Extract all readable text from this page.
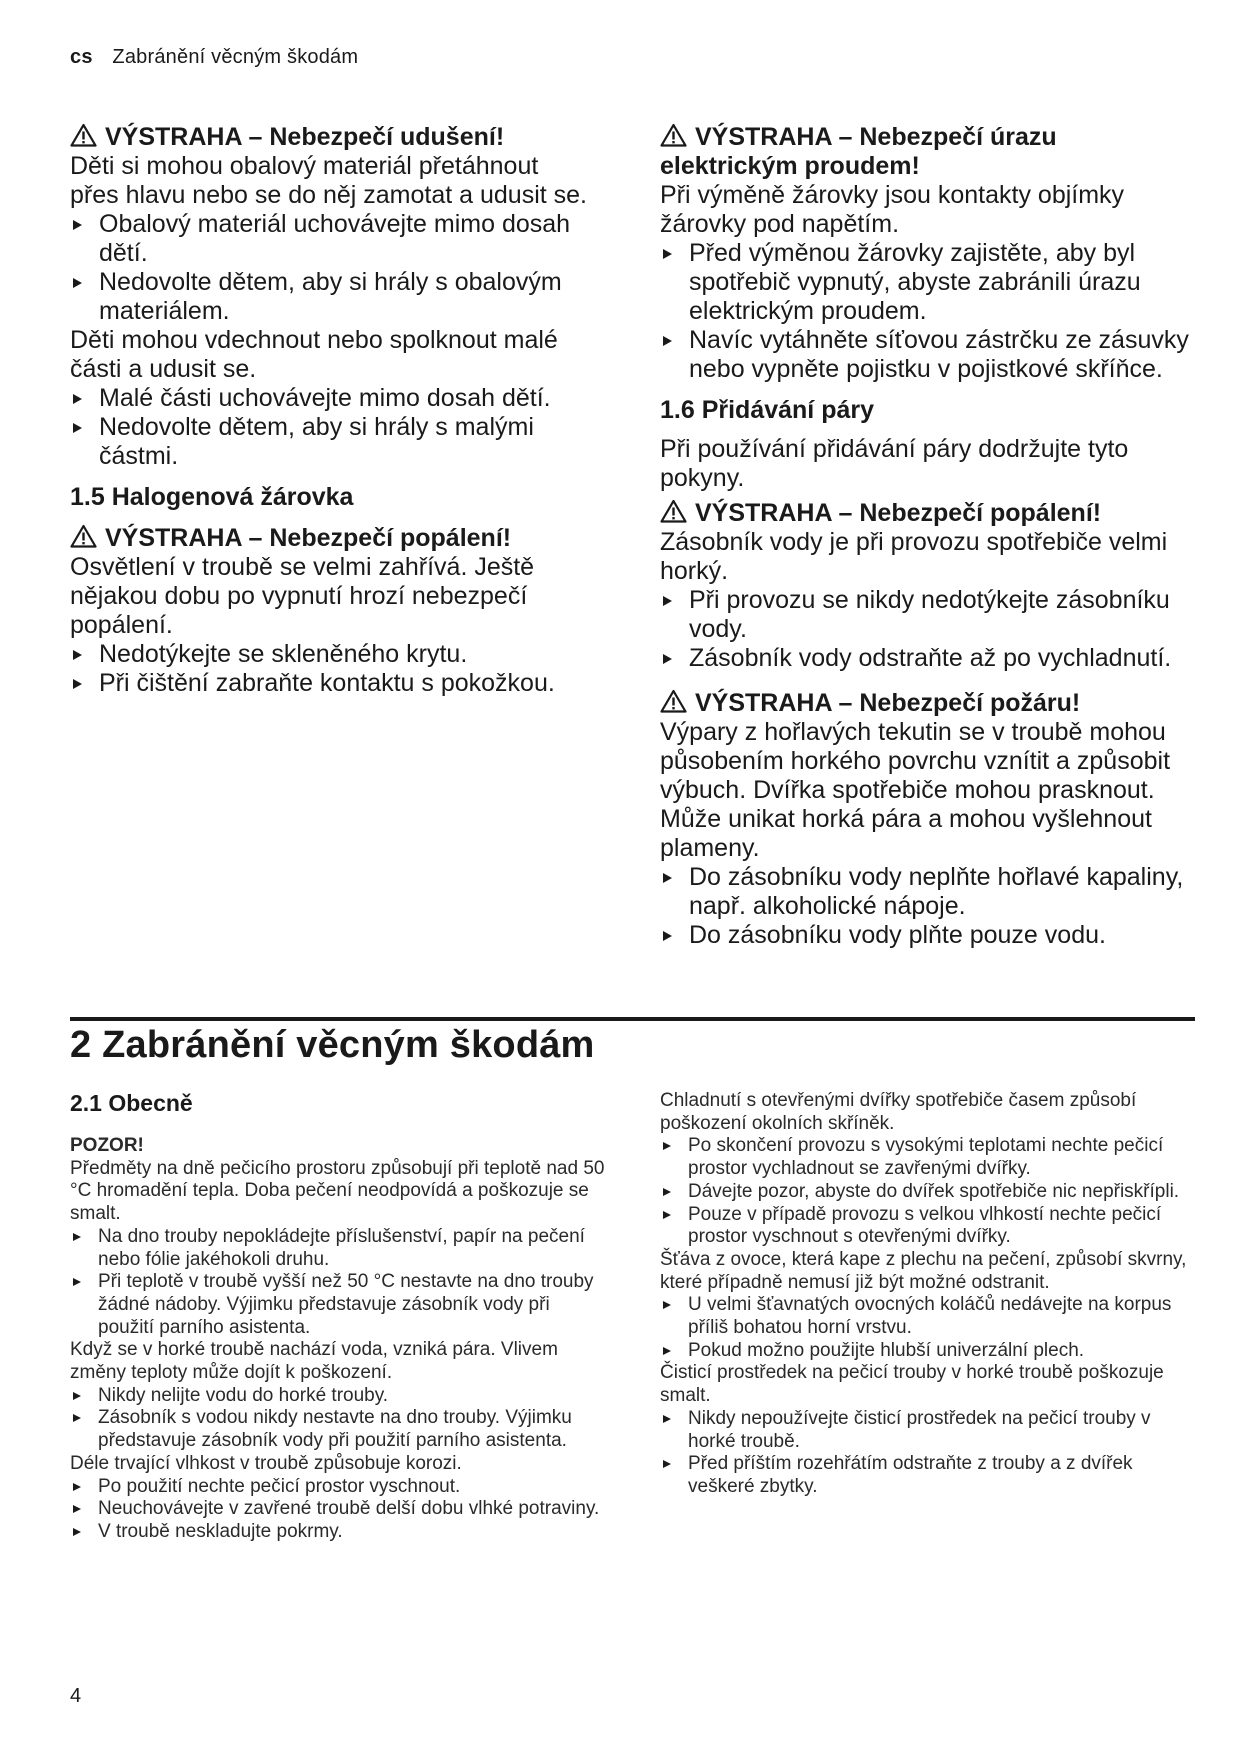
cs Zabránění věcným škodám

VÝSTRAHA – Nebezpečí udušení!

Děti si mohou obalový materiál přetáhnout přes hlavu nebo se do něj zamotat a udusit se.

Obalový materiál uchovávejte mimo dosah dětí.
Nedovolte dětem, aby si hrály s obalovým materiálem.

Děti mohou vdechnout nebo spolknout malé části a udusit se.

Malé části uchovávejte mimo dosah dětí.
Nedovolte dětem, aby si hrály s malými částmi.

1.5 Halogenová žárovka

VÝSTRAHA – Nebezpečí popálení!

Osvětlení v troubě se velmi zahřívá. Ještě nějakou dobu po vypnutí hrozí nebezpečí popálení.

Nedotýkejte se skleněného krytu.
Při čištění zabraňte kontaktu s pokožkou.

VÝSTRAHA – Nebezpečí úrazu elektrickým proudem!

Při výměně žárovky jsou kontakty objímky žárovky pod napětím.

Před výměnou žárovky zajistěte, aby byl spotřebič vypnutý, abyste zabránili úrazu elektrickým proudem.
Navíc vytáhněte síťovou zástrčku ze zásuvky nebo vypněte pojistku v pojistkové skříňce.

1.6 Přidávání páry

Při používání přidávání páry dodržujte tyto pokyny.

VÝSTRAHA – Nebezpečí popálení!

Zásobník vody je při provozu spotřebiče velmi horký.

Při provozu se nikdy nedotýkejte zásobníku vody.
Zásobník vody odstraňte až po vychladnutí.

VÝSTRAHA – Nebezpečí požáru!

Výpary z hořlavých tekutin se v troubě mohou působením horkého povrchu vznítit a způsobit výbuch. Dvířka spotřebiče mohou prasknout. Může unikat horká pára a mohou vyšlehnout plameny.

Do zásobníku vody neplňte hořlavé kapaliny, např. alkoholické nápoje.
Do zásobníku vody plňte pouze vodu.
2 Zabránění věcným škodám

2.1 Obecně

POZOR!

Předměty na dně pečicího prostoru způsobují při teplotě nad 50 °C hromadění tepla. Doba pečení neodpovídá a poškozuje se smalt.

Na dno trouby nepokládejte příslušenství, papír na pečení nebo fólie jakéhokoli druhu.
Při teplotě v troubě vyšší než 50 °C nestavte na dno trouby žádné nádoby. Výjimku představuje zásobník vody při použití parního asistenta.

Když se v horké troubě nachází voda, vzniká pára. Vlivem změny teploty může dojít k poškození.

Nikdy nelijte vodu do horké trouby.
Zásobník s vodou nikdy nestavte na dno trouby. Výjimku představuje zásobník vody při použití parního asistenta.

Déle trvající vlhkost v troubě způsobuje korozi.

Po použití nechte pečicí prostor vyschnout.
Neuchovávejte v zavřené troubě delší dobu vlhké potraviny.
V troubě neskladujte pokrmy.

Chladnutí s otevřenými dvířky spotřebiče časem způsobí poškození okolních skříněk.

Po skončení provozu s vysokými teplotami nechte pečicí prostor vychladnout se zavřenými dvířky.
Dávejte pozor, abyste do dvířek spotřebiče nic nepřiskřípli.
Pouze v případě provozu s velkou vlhkostí nechte pečicí prostor vyschnout s otevřenými dvířky.

Šťáva z ovoce, která kape z plechu na pečení, způsobí skvrny, které případně nemusí již být možné odstranit.

U velmi šťavnatých ovocných koláčů nedávejte na korpus příliš bohatou horní vrstvu.
Pokud možno použijte hlubší univerzální plech.

Čisticí prostředek na pečicí trouby v horké troubě poškozuje smalt.

Nikdy nepoužívejte čisticí prostředek na pečicí trouby v horké troubě.
Před příštím rozehřátím odstraňte z trouby a z dvířek veškeré zbytky.
4
